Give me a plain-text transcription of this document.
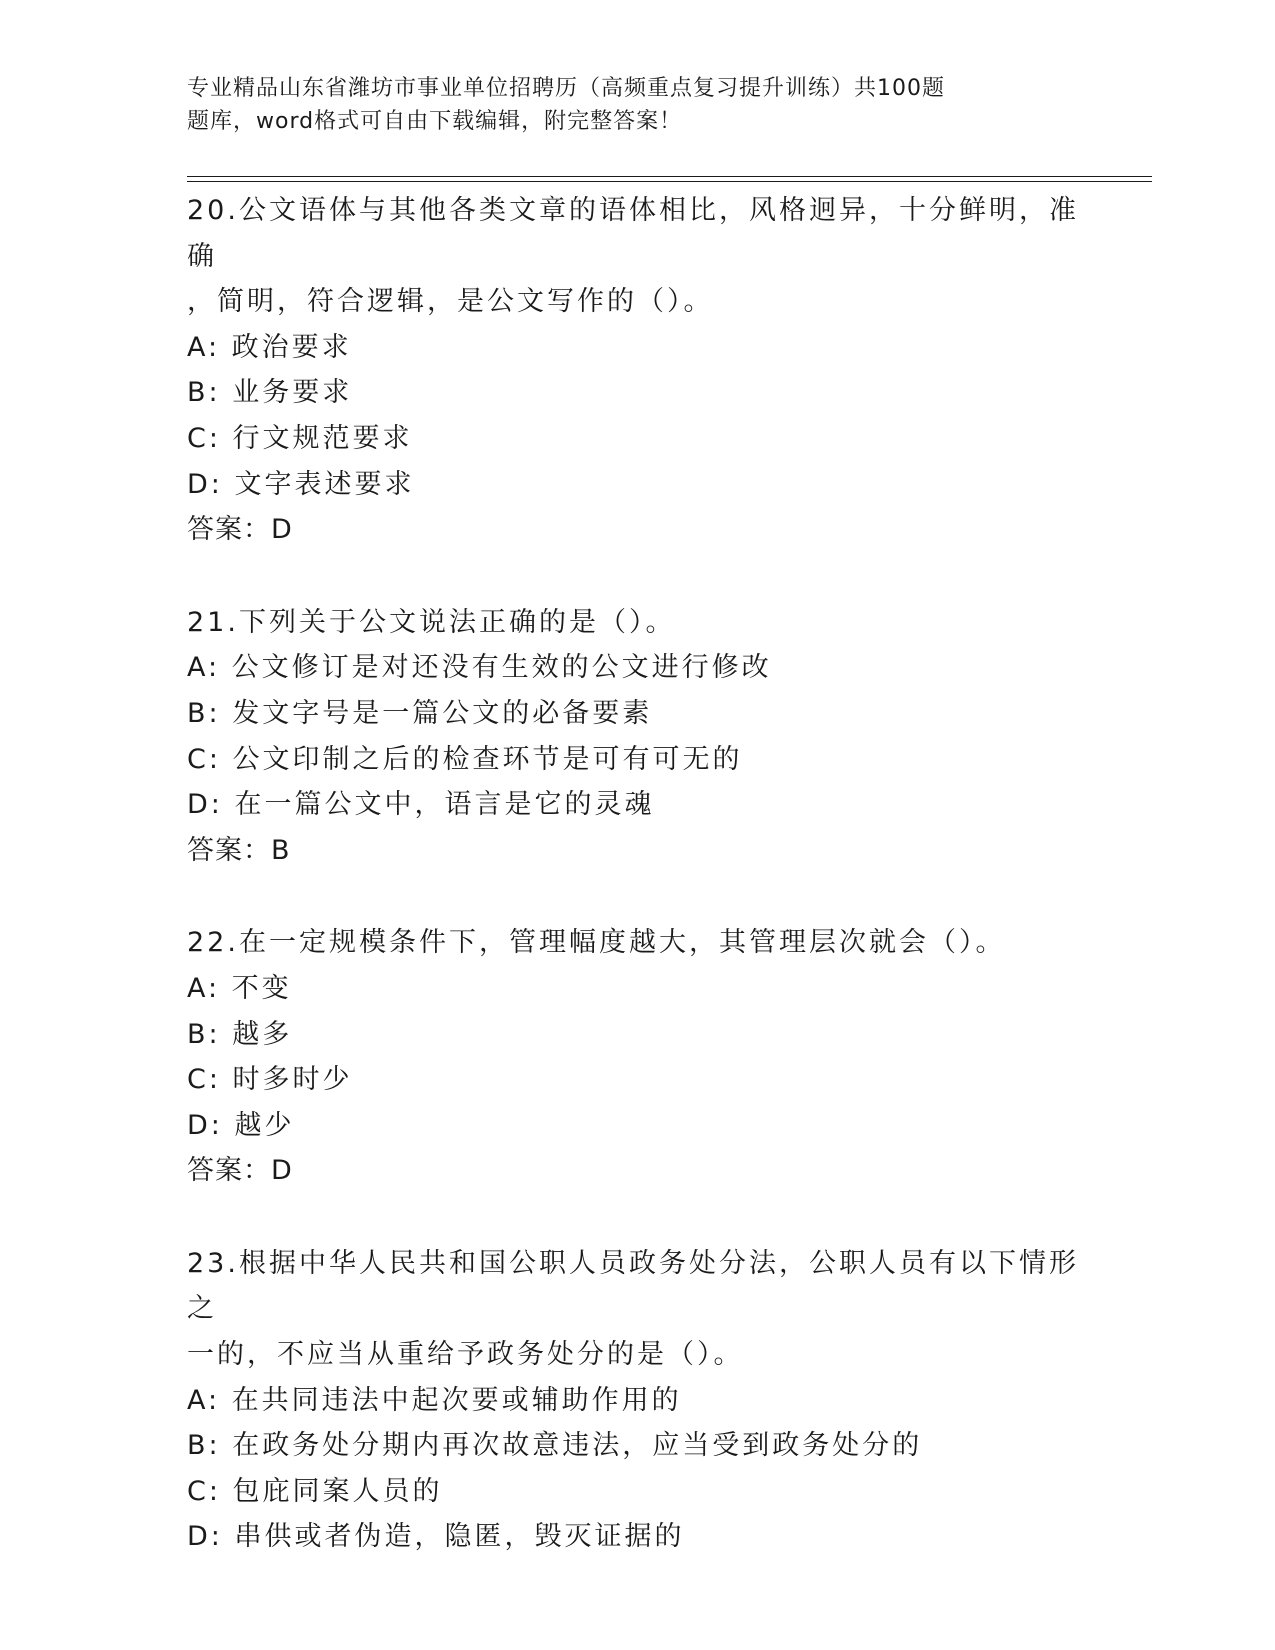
专业精品山东省潍坊市事业单位招聘历（高频重点复习提升训练）共100题
题库，word格式可自由下载编辑，附完整答案！
20.公文语体与其他各类文章的语体相比，风格迥异，十分鲜明，准确
，简明，符合逻辑，是公文写作的（）。
A: 政治要求
B: 业务要求
C: 行文规范要求
D: 文字表述要求
答案：D
21.下列关于公文说法正确的是（）。
A: 公文修订是对还没有生效的公文进行修改
B: 发文字号是一篇公文的必备要素
C: 公文印制之后的检查环节是可有可无的
D: 在一篇公文中，语言是它的灵魂
答案：B
22.在一定规模条件下，管理幅度越大，其管理层次就会（）。
A: 不变
B: 越多
C: 时多时少
D: 越少
答案：D
23.根据中华人民共和国公职人员政务处分法，公职人员有以下情形之
一的，不应当从重给予政务处分的是（）。
A: 在共同违法中起次要或辅助作用的
B: 在政务处分期内再次故意违法，应当受到政务处分的
C: 包庇同案人员的
D: 串供或者伪造，隐匿，毁灭证据的
